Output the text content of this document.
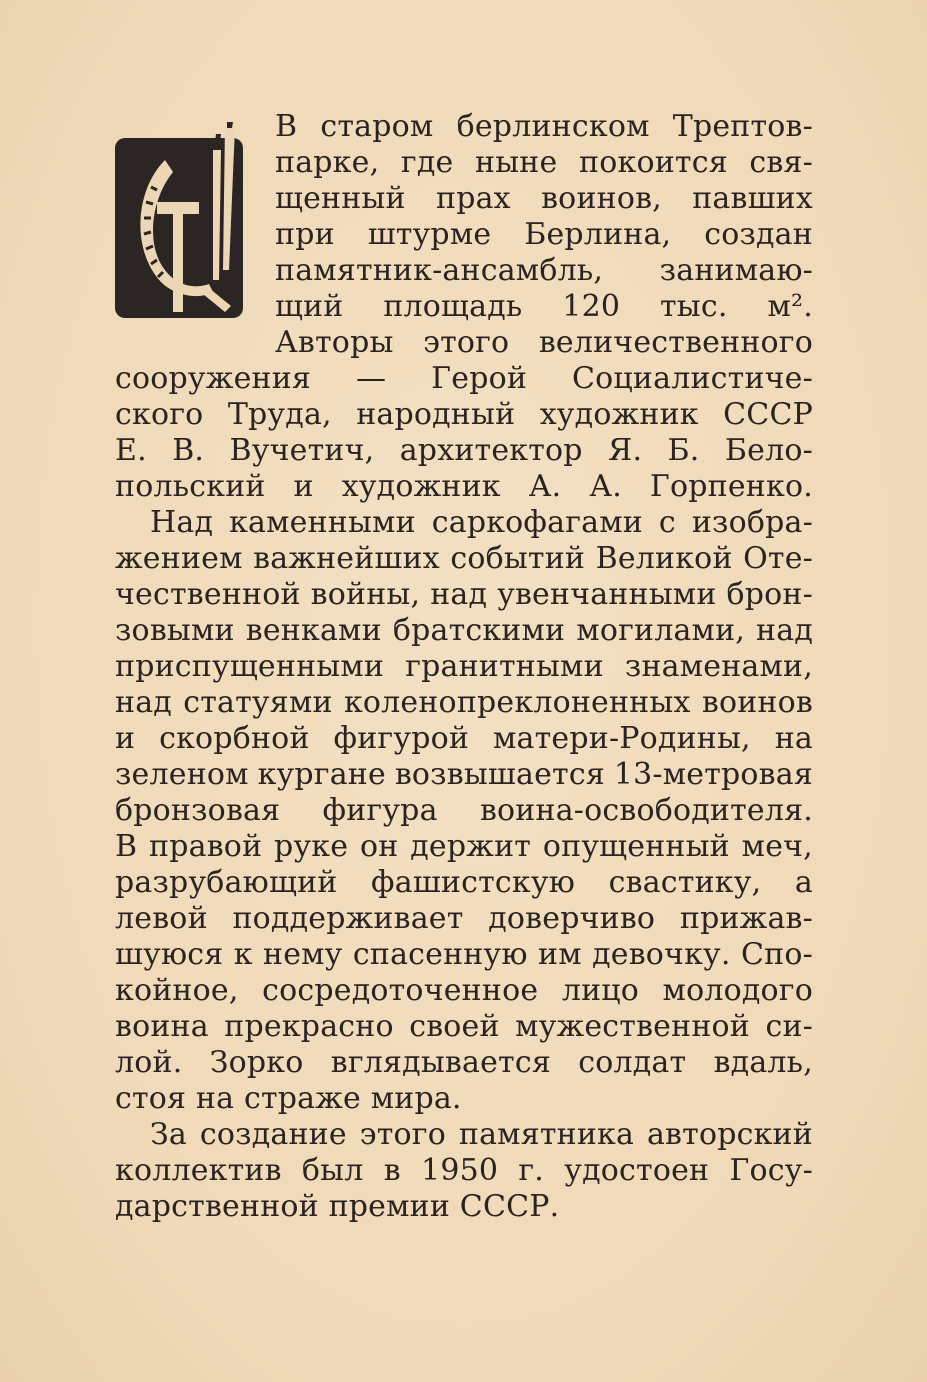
В старом берлинском Трептов-
парке, где ныне покоится свя-
щенный прах воинов, павших
при штурме Берлина, создан
памятник-ансамбль, занимаю-
щий площадь 120 тыс. м².
Авторы этого величественного
сооружения — Герой Социалистиче-
ского Труда, народный художник СССР
Е. В. Вучетич, архитектор Я. Б. Бело-
польский и художник А. А. Горпенко.
Над каменными саркофагами с изобра-
жением важнейших событий Великой Оте-
чественной войны, над увенчанными брон-
зовыми венками братскими могилами, над
приспущенными гранитными знаменами,
над статуями коленопреклоненных воинов
и скорбной фигурой матери-Родины, на
зеленом кургане возвышается 13-метровая
бронзовая фигура воина-освободителя.
В правой руке он держит опущенный меч,
разрубающий фашистскую свастику, а
левой поддерживает доверчиво прижав-
шуюся к нему спасенную им девочку. Спо-
койное, сосредоточенное лицо молодого
воина прекрасно своей мужественной си-
лой. Зорко вглядывается солдат вдаль,
стоя на страже мира.
За создание этого памятника авторский
коллектив был в 1950 г. удостоен Госу-
дарственной премии СССР.
